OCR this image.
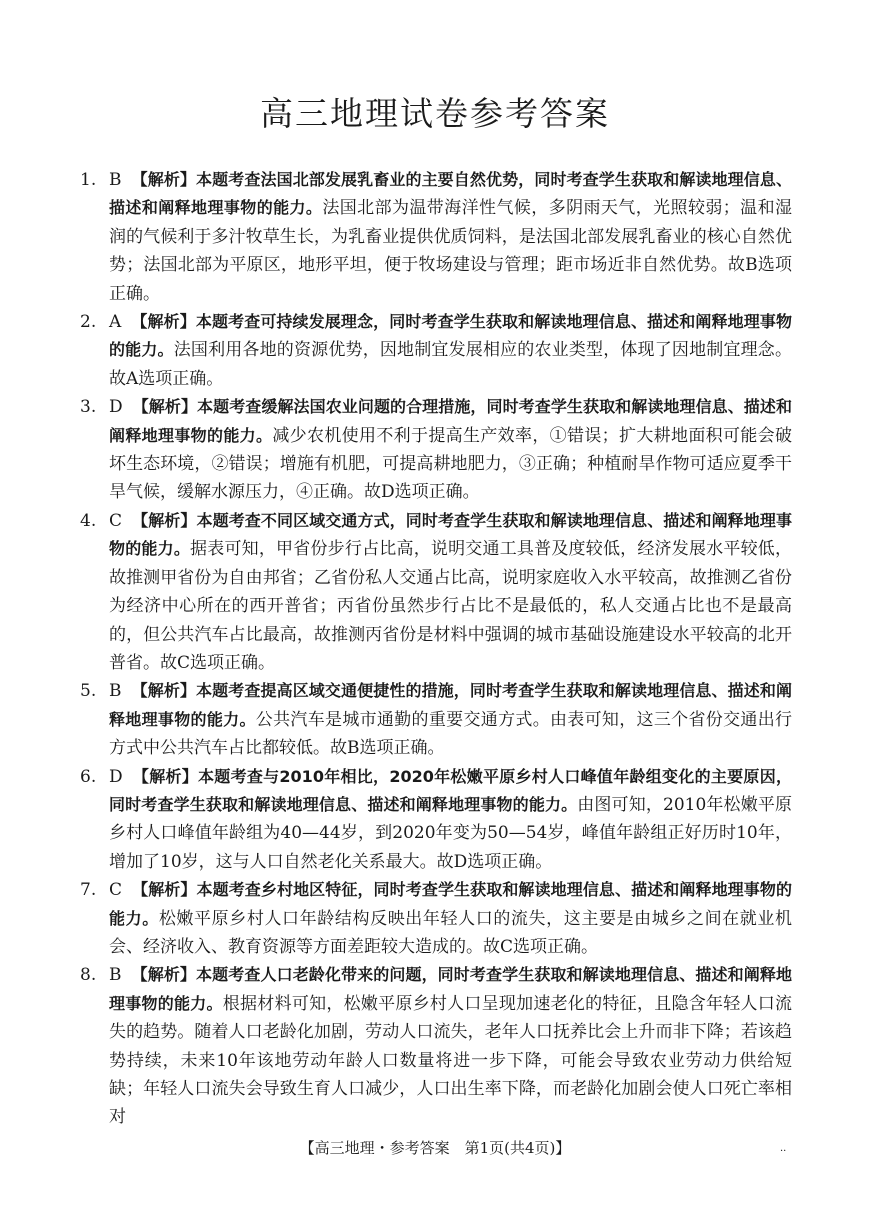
高三地理试卷参考答案

1. B 【解析】本题考查法国北部发展乳畜业的主要自然优势，同时考查学生获取和解读地理信息、描述和阐释地理事物的能力。法国北部为温带海洋性气候，多阴雨天气，光照较弱；温和湿润的气候利于多汁牧草生长，为乳畜业提供优质饲料，是法国北部发展乳畜业的核心自然优势；法国北部为平原区，地形平坦，便于牧场建设与管理；距市场近非自然优势。故B选项正确。

2. A 【解析】本题考查可持续发展理念，同时考查学生获取和解读地理信息、描述和阐释地理事物的能力。法国利用各地的资源优势，因地制宜发展相应的农业类型，体现了因地制宜理念。故A选项正确。

3. D 【解析】本题考查缓解法国农业问题的合理措施，同时考查学生获取和解读地理信息、描述和阐释地理事物的能力。减少农机使用不利于提高生产效率，①错误；扩大耕地面积可能会破坏生态环境，②错误；增施有机肥，可提高耕地肥力，③正确；种植耐旱作物可适应夏季干旱气候，缓解水源压力，④正确。故D选项正确。

4. C 【解析】本题考查不同区域交通方式，同时考查学生获取和解读地理信息、描述和阐释地理事物的能力。据表可知，甲省份步行占比高，说明交通工具普及度较低，经济发展水平较低，故推测甲省份为自由邦省；乙省份私人交通占比高，说明家庭收入水平较高，故推测乙省份为经济中心所在的西开普省；丙省份虽然步行占比不是最低的，私人交通占比也不是最高的，但公共汽车占比最高，故推测丙省份是材料中强调的城市基础设施建设水平较高的北开普省。故C选项正确。

5. B 【解析】本题考查提高区域交通便捷性的措施，同时考查学生获取和解读地理信息、描述和阐释地理事物的能力。公共汽车是城市通勤的重要交通方式。由表可知，这三个省份交通出行方式中公共汽车占比都较低。故B选项正确。

6. D 【解析】本题考查与2010年相比，2020年松嫩平原乡村人口峰值年龄组变化的主要原因，同时考查学生获取和解读地理信息、描述和阐释地理事物的能力。由图可知，2010年松嫩平原乡村人口峰值年龄组为40—44岁，到2020年变为50—54岁，峰值年龄组正好历时10年，增加了10岁，这与人口自然老化关系最大。故D选项正确。

7. C 【解析】本题考查乡村地区特征，同时考查学生获取和解读地理信息、描述和阐释地理事物的能力。松嫩平原乡村人口年龄结构反映出年轻人口的流失，这主要是由城乡之间在就业机会、经济收入、教育资源等方面差距较大造成的。故C选项正确。

8. B 【解析】本题考查人口老龄化带来的问题，同时考查学生获取和解读地理信息、描述和阐释地理事物的能力。根据材料可知，松嫩平原乡村人口呈现加速老化的特征，且隐含年轻人口流失的趋势。随着人口老龄化加剧，劳动人口流失，老年人口抚养比会上升而非下降；若该趋势持续，未来10年该地劳动年龄人口数量将进一步下降，可能会导致农业劳动力供给短缺；年轻人口流失会导致生育人口减少，人口出生率下降，而老龄化加剧会使人口死亡率相对

【高三地理・参考答案　第1页(共4页)】	··
